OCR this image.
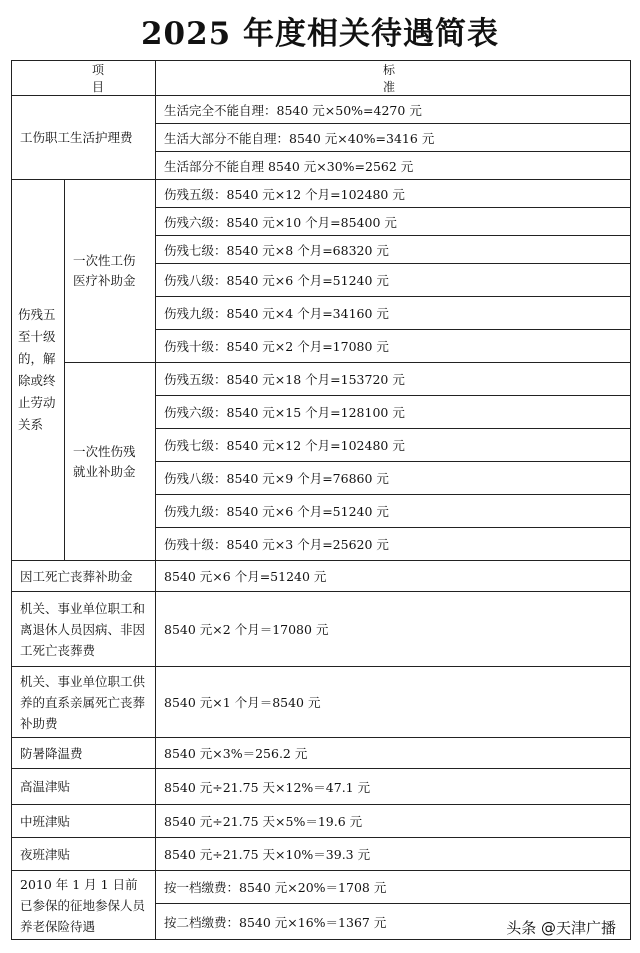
2025 年度相关待遇简表
项目		标准
工伤职工生活护理费		生活完全不能自理：8540 元×50%=4270 元
		生活大部分不能自理：8540 元×40%=3416 元
		生活部分不能自理 8540 元×30%=2562 元
伤残五至十级的，解除或终止劳动关系	一次性工伤医疗补助金	伤残五级：8540 元×12 个月=102480 元
		伤残六级：8540 元×10 个月=85400 元
		伤残七级：8540 元×8 个月=68320 元
		伤残八级：8540 元×6 个月=51240 元
		伤残九级：8540 元×4 个月=34160 元
		伤残十级：8540 元×2 个月=17080 元
	一次性伤残就业补助金	伤残五级：8540 元×18 个月=153720 元
		伤残六级：8540 元×15 个月=128100 元
		伤残七级：8540 元×12 个月=102480 元
		伤残八级：8540 元×9 个月=76860 元
		伤残九级：8540 元×6 个月=51240 元
		伤残十级：8540 元×3 个月=25620 元
因工死亡丧葬补助金		8540 元×6 个月=51240 元
机关、事业单位职工和离退休人员因病、非因工死亡丧葬费		8540 元×2 个月＝17080 元
机关、事业单位职工供养的直系亲属死亡丧葬补助费		8540 元×1 个月＝8540 元
防暑降温费		8540 元×3%＝256.2 元
高温津贴		8540 元÷21.75 天×12%＝47.1 元
中班津贴		8540 元÷21.75 天×5%＝19.6 元
夜班津贴		8540 元÷21.75 天×10%＝39.3 元
2010 年 1 月 1 日前已参保的征地参保人员养老保险待遇		按一档缴费：8540 元×20%＝1708 元
		按二档缴费：8540 元×16%＝1367 元	头条 @天津广播
